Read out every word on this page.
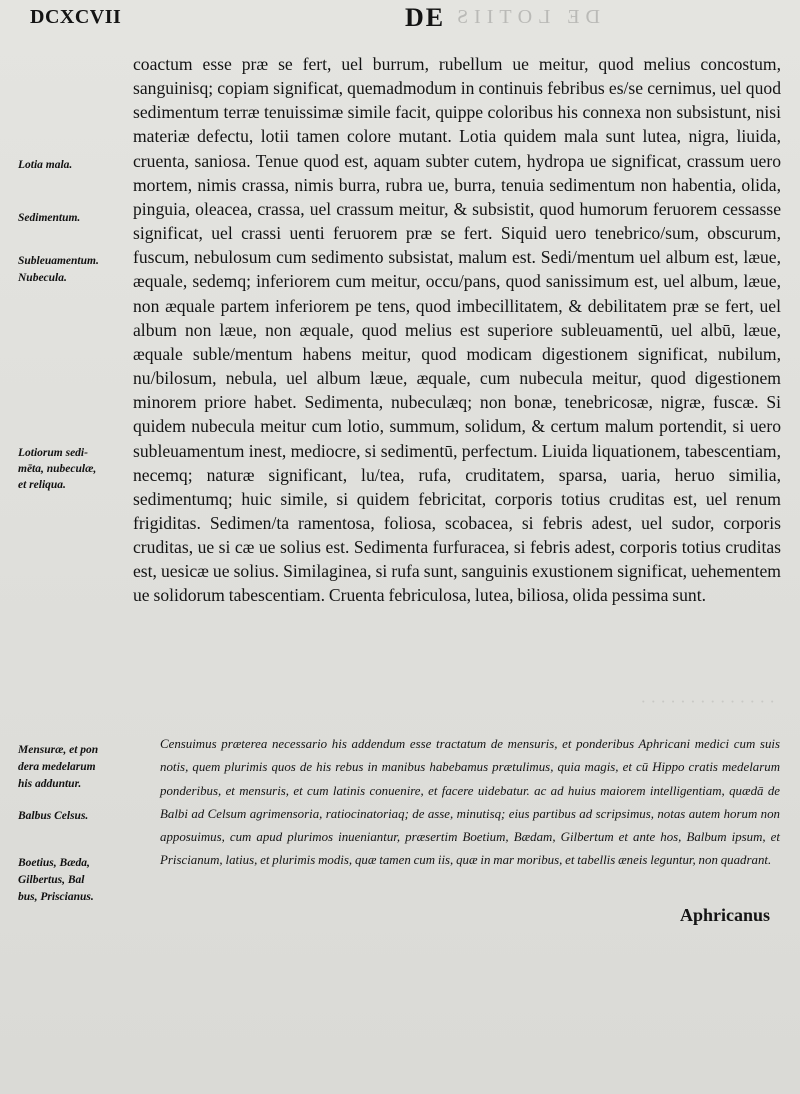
DE LOTIIS
· · · · · · · · · · · · · ·
DCXCVII	DE

coactum esse præ se fert, uel burrum, rubellum ue meitur, quod melius concostum, sanguinisq; copiam significat, quemadmodum in continuis febribus es/se cernimus, uel quod sedimentum terræ tenuissimæ simile facit, quippe coloribus his connexa non subsistunt, nisi materiæ defectu, lotii tamen colore mutant. Lotia quidem mala sunt lutea, nigra, liuida, cruenta, saniosa. Tenue quod est, aquam subter cutem, hydropa ue significat, crassum uero mortem, nimis crassa, nimis burra, rubra ue, burra, tenuia sedimentum non habentia, olida, pinguia, oleacea, crassa, uel crassum meitur, & subsistit, quod humorum feruorem cessasse significat, uel crassi uenti feruorem præ se fert. Siquid uero tenebrico/sum, obscurum, fuscum, nebulosum cum sedimento subsistat, malum est. Sedi/mentum uel album est, læue, æquale, sedemq; inferiorem cum meitur, occu/pans, quod sanissimum est, uel album, læue, non æquale partem inferiorem pe tens, quod imbecillitatem, & debilitatem præ se fert, uel album non læue, non æquale, quod melius est superiore subleuamentū, uel albū, læue, æquale suble/mentum habens meitur, quod modicam digestionem significat, nubilum, nu/bilosum, nebula, uel album læue, æquale, cum nubecula meitur, quod digestionem minorem priore habet. Sedimenta, nubeculæq; non bonæ, tenebricosæ, nigræ, fuscæ. Si quidem nubecula meitur cum lotio, summum, solidum, & certum malum portendit, si uero subleuamentum inest, mediocre, si sedimentū, perfectum. Liuida liquationem, tabescentiam, necemq; naturæ significant, lu/tea, rufa, cruditatem, sparsa, uaria, heruo similia, sedimentumq; huic simile, si quidem febricitat, corporis totius cruditas est, uel renum frigiditas. Sedimen/ta ramentosa, foliosa, scobacea, si febris adest, uel sudor, corporis cruditas, ue si cæ ue solius est. Sedimenta furfuracea, si febris adest, corporis totius cruditas est, uesicæ ue solius. Similaginea, si rufa sunt, sanguinis exustionem significat, uehementem ue solidorum tabescentiam. Cruenta febriculosa, lutea, biliosa, olida pessima sunt.

Lotia mala.
Sedimentum.
Subleuamentum.
Nubecula.
Lotiorum sedi-
mēta, nubeculæ,
et reliqua.
Mensuræ, et pon
dera medelarum
his adduntur.
Balbus Celsus.
Boetius, Bæda,
Gilbertus, Bal
bus, Priscianus.

Censuimus præterea necessario his addendum esse tractatum de mensuris, et ponderibus Aphricani medici cum suis notis, quem plurimis quos de his rebus in manibus habebamus prætulimus, quia magis, et cū Hippo cratis medelarum ponderibus, et mensuris, et cum latinis conuenire, et facere uidebatur. ac ad huius maiorem intelligentiam, quædā de Balbi ad Celsum agrimensoria, ratiocinatoriaq; de asse, minutisq; eius partibus ad scripsimus, notas autem horum non apposuimus, cum apud plurimos inueniantur, præsertim Boetium, Bædam, Gilbertum et ante hos, Balbum ipsum, et Priscianum, latius, et plurimis modis, quæ tamen cum iis, quæ in mar moribus, et tabellis æneis leguntur, non quadrant.

Aphricanus
